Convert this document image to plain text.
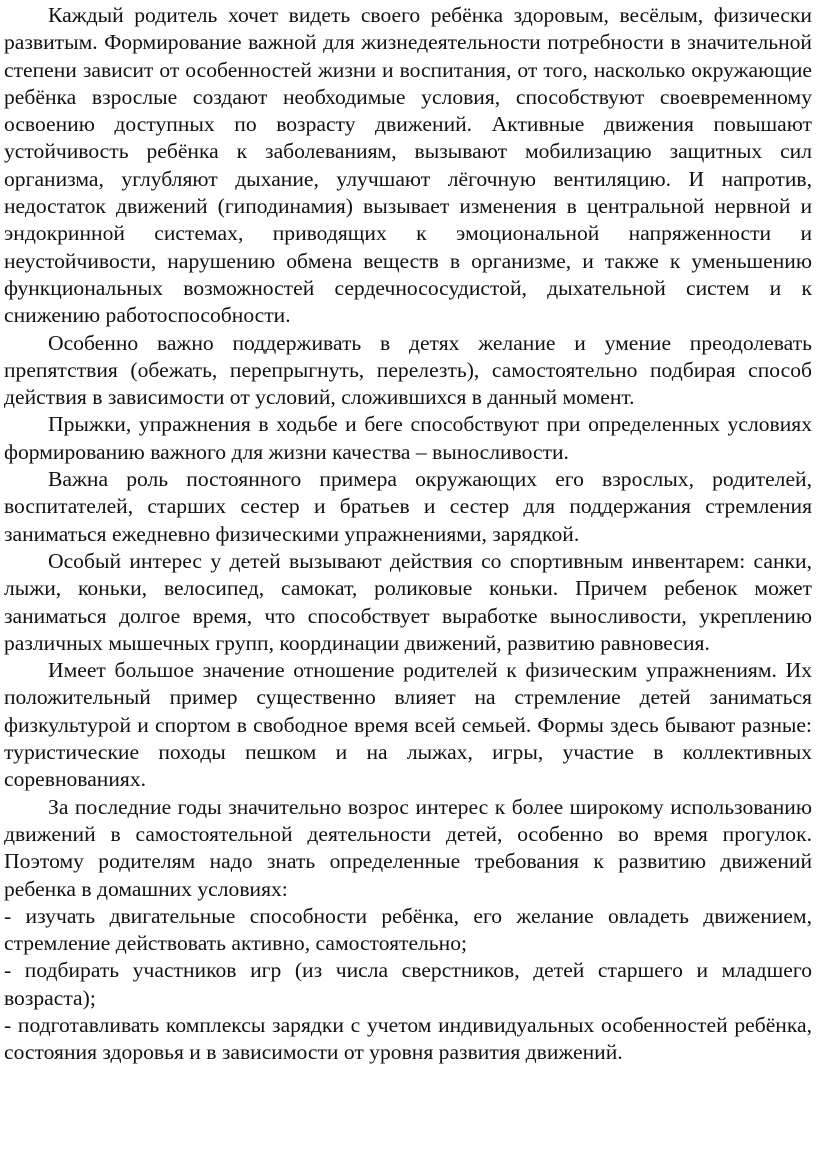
Каждый родитель хочет видеть своего ребёнка здоровым, весёлым, физически развитым. Формирование важной для жизнедеятельности потребности в значительной степени зависит от особенностей жизни и воспитания, от того, насколько окружающие ребёнка взрослые создают необходимые условия, способствуют своевременному освоению доступных по возрасту движений. Активные движения повышают устойчивость ребёнка к заболеваниям, вызывают мобилизацию защитных сил организма, углубляют дыхание, улучшают лёгочную вентиляцию. И напротив, недостаток движений (гиподинамия) вызывает изменения в центральной нервной и эндокринной системах, приводящих к эмоциональной напряженности и неустойчивости, нарушению обмена веществ в организме, и также к уменьшению функциональных возможностей сердечнососудистой, дыхательной систем и к снижению работоспособности.

Особенно важно поддерживать в детях желание и умение преодолевать препятствия (обежать, перепрыгнуть, перелезть), самостоятельно подбирая способ действия в зависимости от условий, сложившихся в данный момент.

Прыжки, упражнения в ходьбе и беге способствуют при определенных условиях формированию важного для жизни качества – выносливости.

Важна роль постоянного примера окружающих его взрослых, родителей, воспитателей, старших сестер и братьев и сестер для поддержания стремления заниматься ежедневно физическими упражнениями, зарядкой.

Особый интерес у детей вызывают действия со спортивным инвентарем: санки, лыжи, коньки, велосипед, самокат, роликовые коньки. Причем ребенок может заниматься долгое время, что способствует выработке выносливости, укреплению различных мышечных групп, координации движений, развитию равновесия.

Имеет большое значение отношение родителей к физическим упражнениям. Их положительный пример существенно влияет на стремление детей заниматься физкультурой и спортом в свободное время всей семьей. Формы здесь бывают разные: туристические походы пешком и на лыжах, игры, участие в коллективных соревнованиях.

За последние годы значительно возрос интерес к более широкому использованию движений в самостоятельной деятельности детей, особенно во время прогулок. Поэтому родителям надо знать определенные требования к развитию движений ребенка в домашних условиях:

- изучать двигательные способности ребёнка, его желание овладеть движением, стремление действовать активно, самостоятельно;

- подбирать участников игр (из числа сверстников, детей старшего и младшего возраста);

- подготавливать комплексы зарядки с учетом индивидуальных особенностей ребёнка, состояния здоровья и в зависимости от уровня развития движений.
